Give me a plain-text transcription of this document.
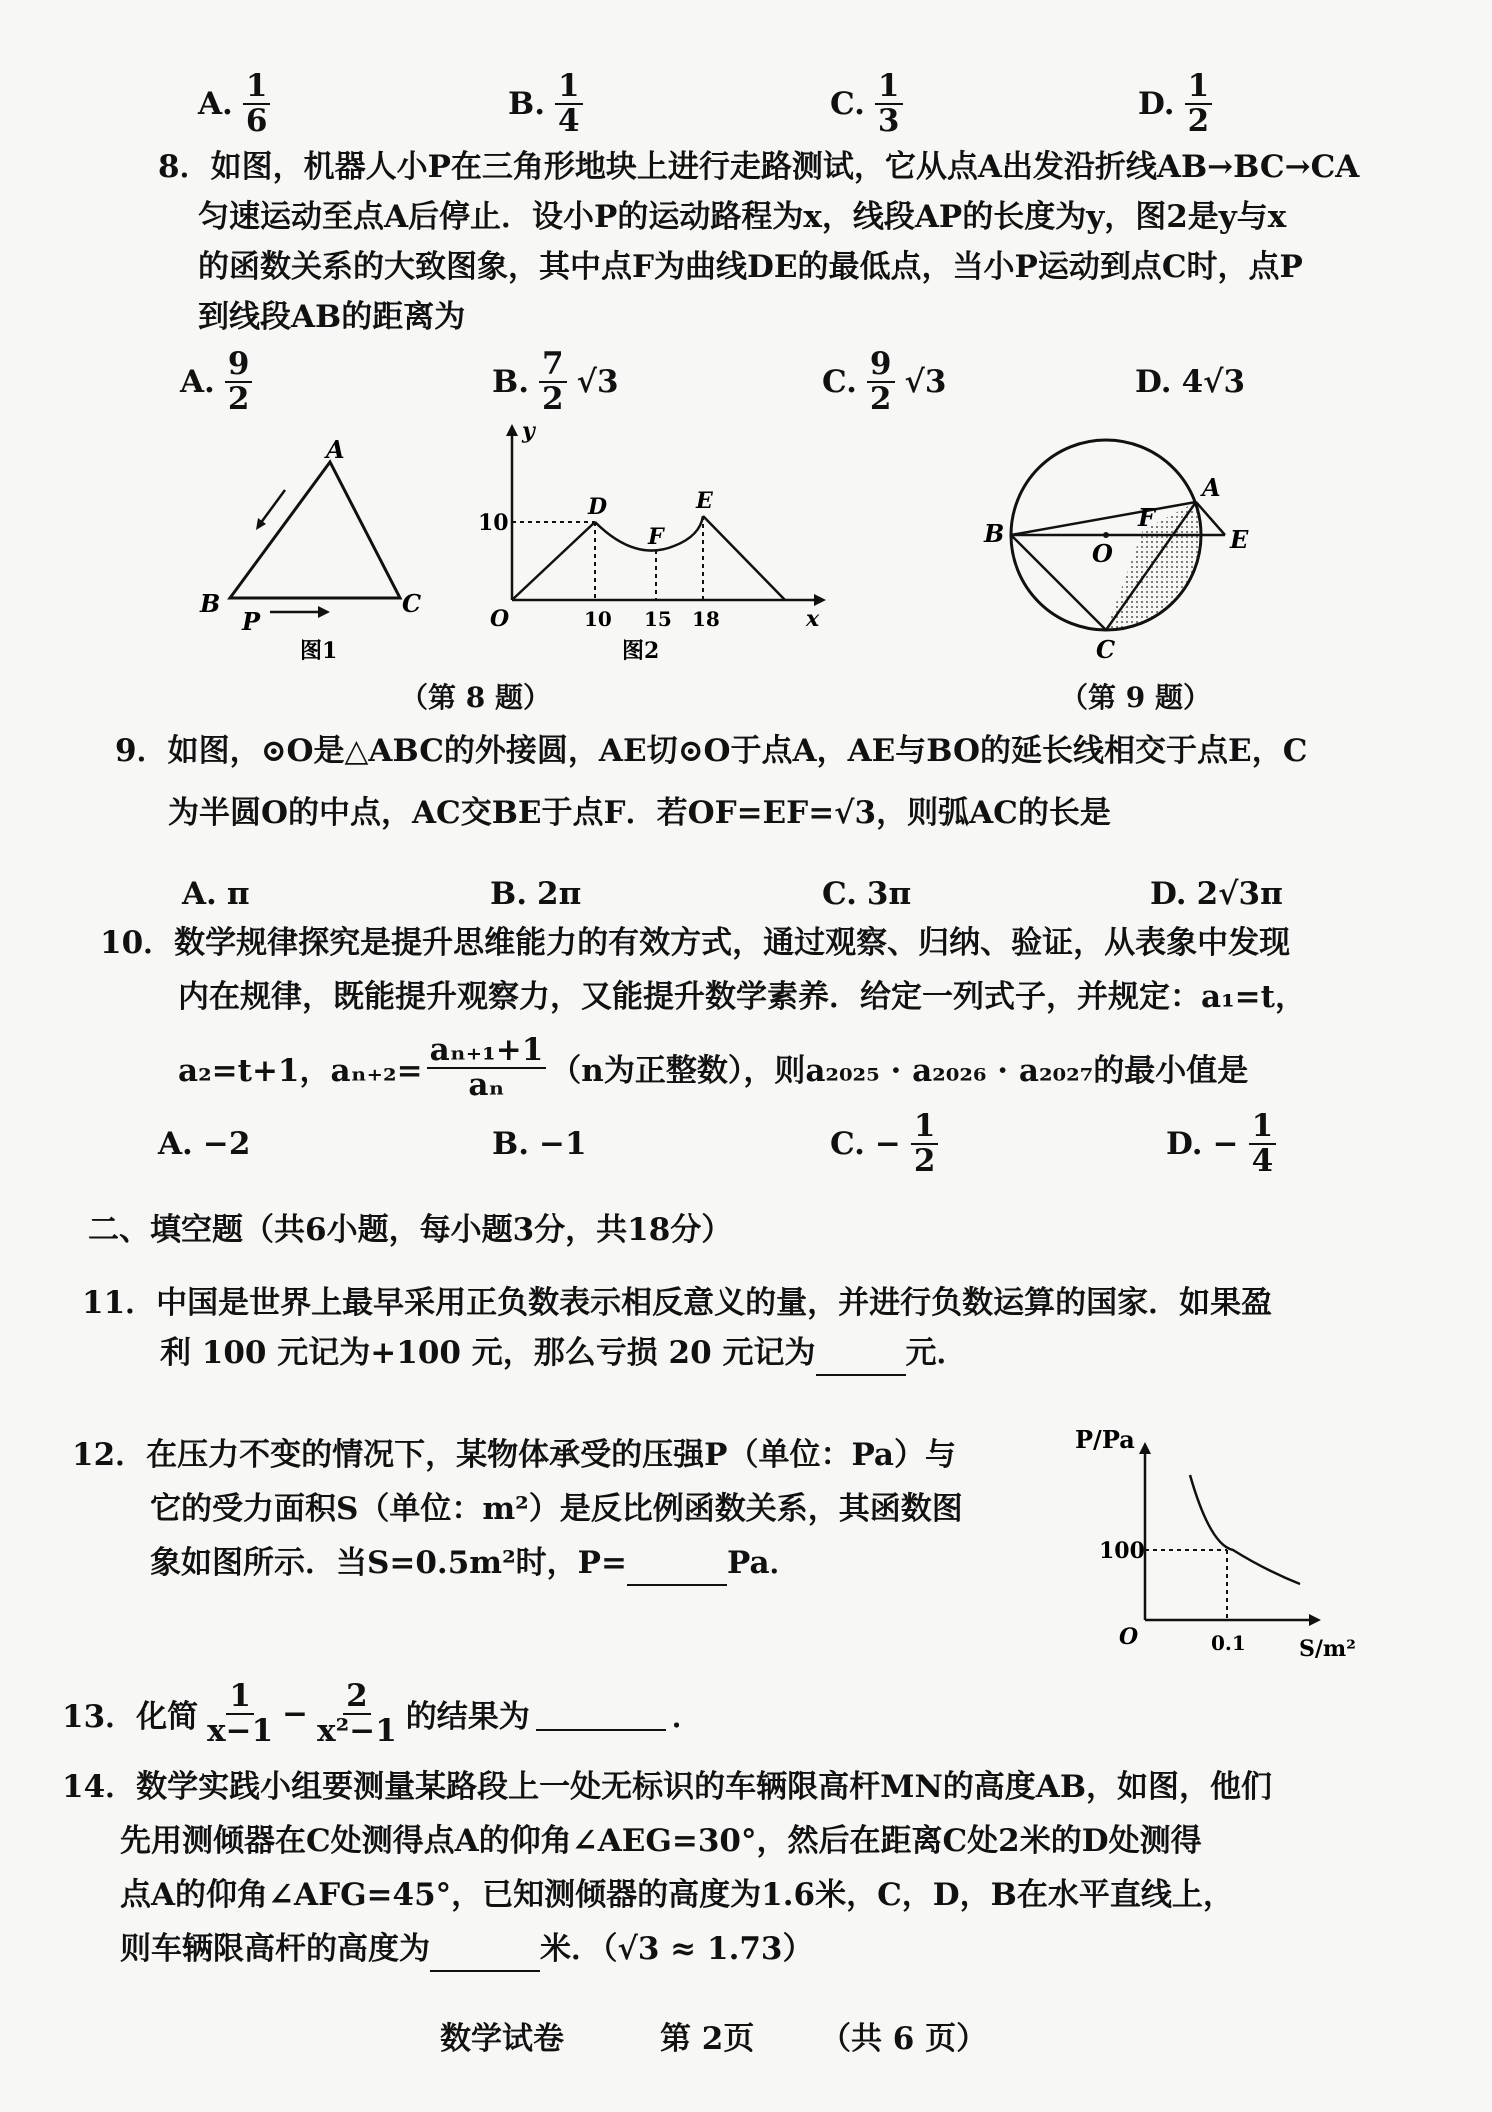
A. $\frac{1}{6}$	B. $\frac{1}{4}$	C. $\frac{1}{3}$	D. $\frac{1}{2}$
8．如图，机器人小P在三角形地块上进行走路测试，它从点A出发沿折线AB→BC→CA
匀速运动至点A后停止．设小P的运动路程为x，线段AP的长度为y，图2是y与x
的函数关系的大致图象，其中点F为曲线DE的最低点，当小P运动到点C时，点P
到线段AB的距离为
A. $\frac{9}{2}$	B. $\frac{7}{2} √3$	C. $\frac{9}{2} √3$	D. 4√3
A
B	C
P
图1
y
x
O
10
10 15 18
D
F
E
图2
（第 8 题）
A
B
C
E
F
O
（第 9 题）
9．如图，⊙O是△ABC的外接圆，AE切⊙O于点A，AE与BO的延长线相交于点E，C
为半圆O的中点，AC交BE于点F．若OF=EF=√3，则弧AC的长是
A. π	B. 2π	C. 3π	D. 2√3π
10．数学规律探究是提升思维能力的有效方式，通过观察、归纳、验证，从表象中发现
内在规律，既能提升观察力，又能提升数学素养．给定一列式子，并规定：a₁=t，
a₂=t+1，$a_{n+2}= \frac{\text{aₙ₊₁+1}}{\text{aₙ}} (n$为正整数），则a₂₀₂₅ · a₂₀₂₆ · a₂₀₂₇的最小值是
A. −2	B. −1	C. − $\frac{1}{2}$	D. − $\frac{1}{4}$
二、填空题（共6小题，每小题3分，共18分）
11．中国是世界上最早采用正负数表示相反意义的量，并进行负数运算的国家．如果盈
利 100 元记为+100 元，那么亏损 20 元记为	元．
12．在压力不变的情况下，某物体承受的压强P（单位：Pa）与
它的受力面积S（单位：m²）是反比例函数关系，其函数图
象如图所示．当S=0.5m²时，P=	Pa．
P/Pa
S/m²
O
100
0.1
13．化简 $\frac{1}{x-1} - \frac{2}{\text{x²−1}}$ 的结果为	．
14．数学实践小组要测量某路段上一处无标识的车辆限高杆MN的高度AB，如图，他们
先用测倾器在C处测得点A的仰角∠AEG=30°，然后在距离C处2米的D处测得
点A的仰角∠AFG=45°，已知测倾器的高度为1.6米，C，D，B在水平直线上，
则车辆限高杆的高度为	米．（√3 ≈ 1.73）
数学试卷	第 2页 （共 6 页）
